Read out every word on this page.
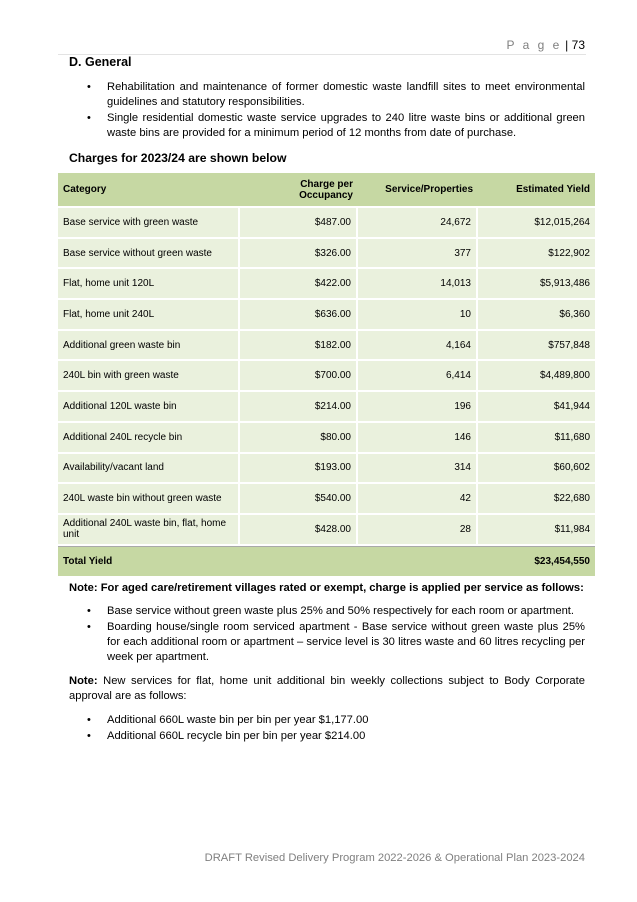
P a g e | 73
D. General
• Rehabilitation and maintenance of former domestic waste landfill sites to meet environmental guidelines and statutory responsibilities.
• Single residential domestic waste service upgrades to 240 litre waste bins or additional green waste bins are provided for a minimum period of 12 months from date of purchase.
Charges for 2023/24 are shown below
Category	Charge per Occupancy	Service/Properties	Estimated Yield
Base service with green waste	$487.00	24,672	$12,015,264
Base service without green waste	$326.00	377	$122,902
Flat, home unit 120L	$422.00	14,013	$5,913,486
Flat, home unit 240L	$636.00	10	$6,360
Additional green waste bin	$182.00	4,164	$757,848
240L bin with green waste	$700.00	6,414	$4,489,800
Additional 120L waste bin	$214.00	196	$41,944
Additional 240L recycle bin	$80.00	146	$11,680
Availability/vacant land	$193.00	314	$60,602
240L waste bin without green waste	$540.00	42	$22,680
Additional 240L waste bin, flat, home unit	$428.00	28	$11,984
Total Yield			$23,454,550
Note: For aged care/retirement villages rated or exempt, charge is applied per service as follows:
• Base service without green waste plus 25% and 50% respectively for each room or apartment.
• Boarding house/single room serviced apartment - Base service without green waste plus 25% for each additional room or apartment – service level is 30 litres waste and 60 litres recycling per week per apartment.
Note: New services for flat, home unit additional bin weekly collections subject to Body Corporate approval are as follows:
• Additional 660L waste bin per bin per year $1,177.00
• Additional 660L recycle bin per bin per year $214.00
DRAFT Revised Delivery Program 2022-2026 & Operational Plan 2023-2024
